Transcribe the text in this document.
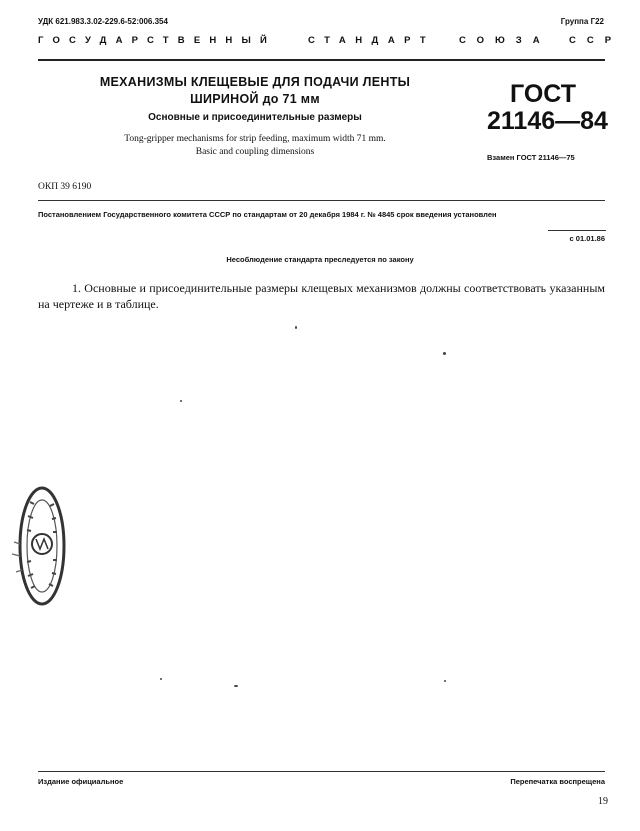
УДК 621.983.3.02-229.6-52:006.354	Группа Г22
ГОСУДАРСТВЕННЫЙ	СТАНДАРТ	СОЮЗА ССР
МЕХАНИЗМЫ КЛЕЩЕВЫЕ ДЛЯ ПОДАЧИ ЛЕНТЫ
ШИРИНОЙ до 71 мм
Основные и присоединительные размеры
Tong-gripper mechanisms for strip feeding, maximum width 71 mm.
Basic and coupling dimensions
ГОСТ
21146—84
Взамен ГОСТ 21146—75
ОКП 39 6190
Постановлением Государственного комитета СССР по стандартам от 20 декабря 1984 г. № 4845 срок введения установлен
с 01.01.86
Несоблюдение стандарта преследуется по закону
1. Основные и присоединительные размеры клещевых механизмов должны соответствовать указанным на чертеже и в таблице.
Издание официальное	Перепечатка воспрещена
19
